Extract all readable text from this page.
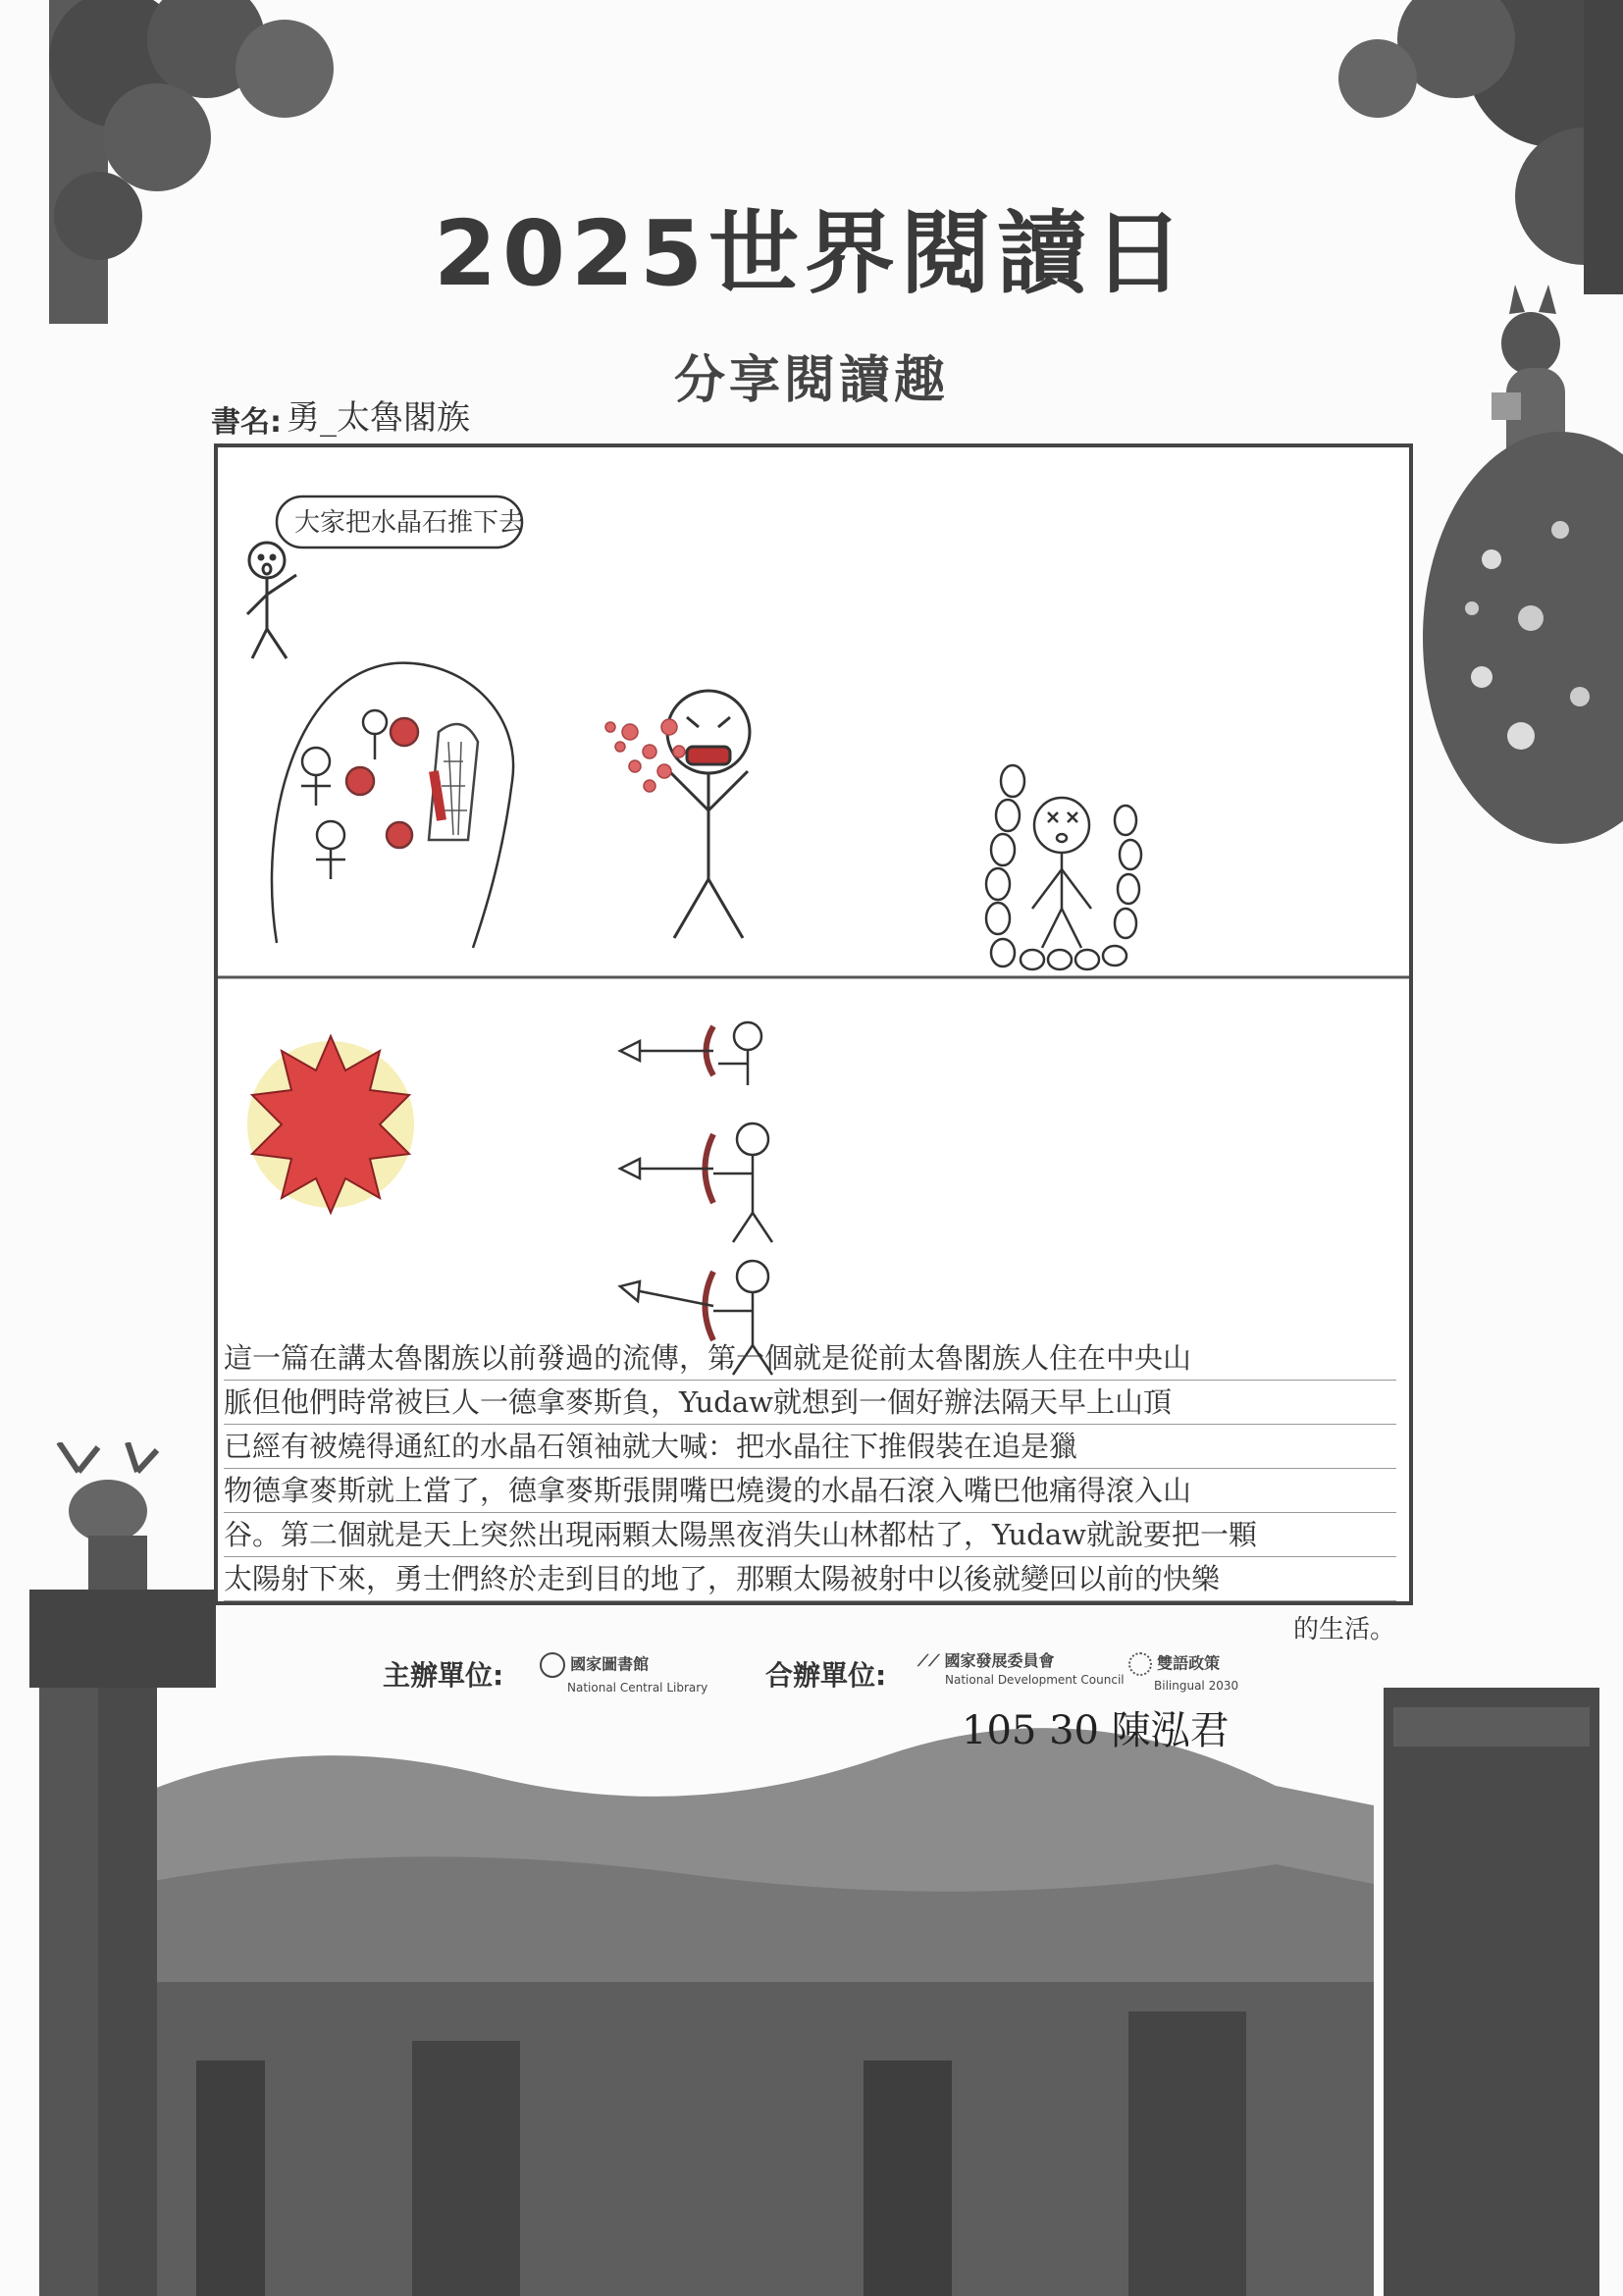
2025世界閱讀日
分享閱讀趣
書名: 勇_太魯閣族
大家把水晶石推下去
這一篇在講太魯閣族以前發過的流傳，第一個就是從前太魯閣族人住在中央山
脈但他們時常被巨人一德拿麥斯負，Yudaw就想到一個好辦法隔天早上山頂
已經有被燒得通紅的水晶石領袖就大喊：把水晶往下推假裝在追是獵
物德拿麥斯就上當了，德拿麥斯張開嘴巴燒燙的水晶石滾入嘴巴他痛得滾入山
谷。第二個就是天上突然出現兩顆太陽黑夜消失山林都枯了，Yudaw就說要把一顆
太陽射下來，勇士們終於走到目的地了，那顆太陽被射中以後就變回以前的快樂
的生活。
主辦單位:	國家圖書館
National Central Library 合辦單位: ⟋⟋ 國家發展委員會
National Development Council
雙語政策
Bilingual 2030
105 30 陳泓君
